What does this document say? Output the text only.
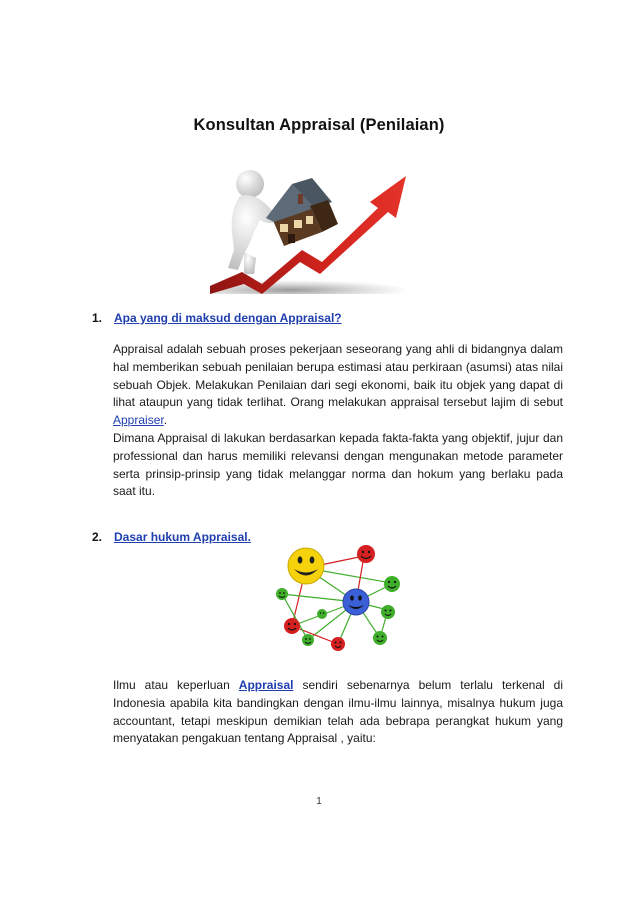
Konsultan Appraisal (Penilaian)
1. Apa yang di maksud dengan Appraisal?

Appraisal adalah sebuah proses pekerjaan seseorang yang ahli di bidangnya dalam hal memberikan sebuah penilaian berupa estimasi atau perkiraan (asumsi) atas nilai sebuah Objek. Melakukan Penilaian dari segi ekonomi, baik itu objek yang dapat di lihat ataupun yang tidak terlihat. Orang melakukan appraisal tersebut lajim di sebut Appraiser.
Dimana Appraisal di lakukan berdasarkan kepada fakta-fakta yang objektif, jujur dan professional dan harus memiliki relevansi dengan mengunakan metode parameter serta prinsip-prinsip yang tidak melanggar norma dan hokum yang berlaku pada saat itu.

2. Dasar hukum Appraisal.

Ilmu atau keperluan Appraisal sendiri sebenarnya belum terlalu terkenal di Indonesia apabila kita bandingkan dengan ilmu-ilmu lainnya, misalnya hukum juga accountant, tetapi meskipun demikian telah ada bebrapa perangkat hukum yang menyatakan pengakuan tentang Appraisal , yaitu:

1
